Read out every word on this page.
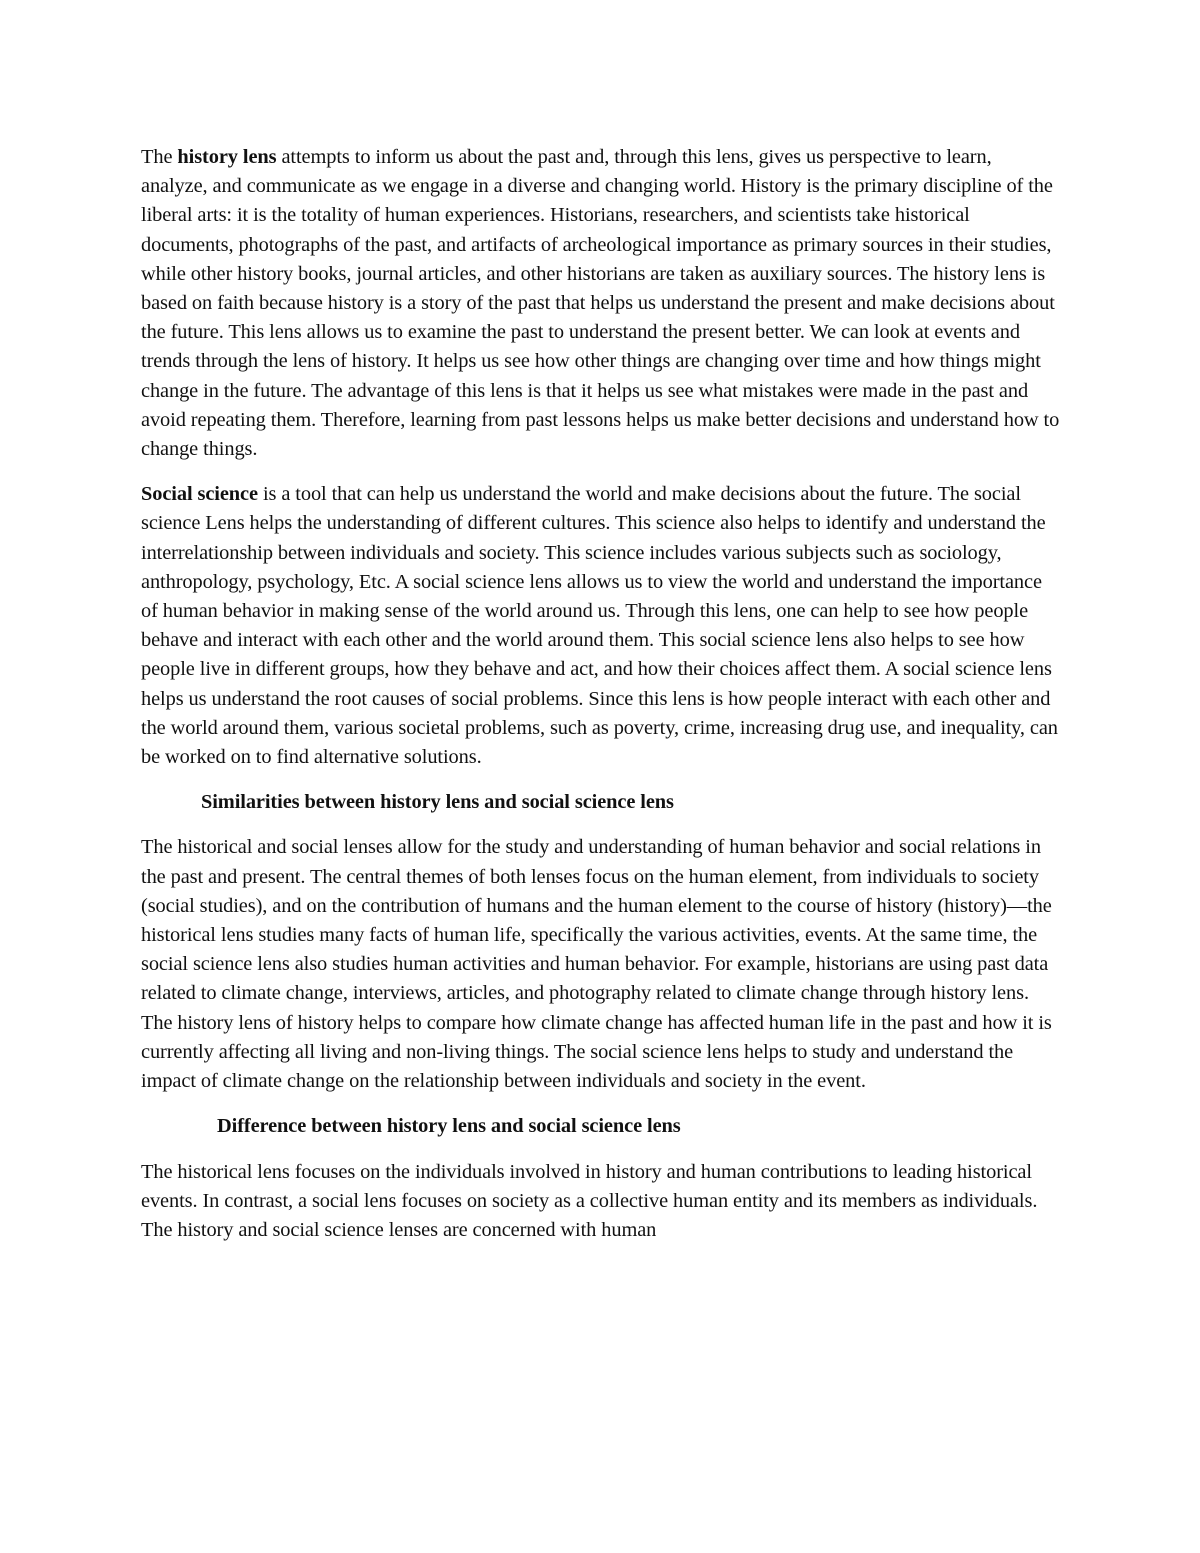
The history lens attempts to inform us about the past and, through this lens, gives us perspective to learn, analyze, and communicate as we engage in a diverse and changing world. History is the primary discipline of the liberal arts: it is the totality of human experiences. Historians, researchers, and scientists take historical documents, photographs of the past, and artifacts of archeological importance as primary sources in their studies, while other history books, journal articles, and other historians are taken as auxiliary sources. The history lens is based on faith because history is a story of the past that helps us understand the present and make decisions about the future. This lens allows us to examine the past to understand the present better. We can look at events and trends through the lens of history. It helps us see how other things are changing over time and how things might change in the future. The advantage of this lens is that it helps us see what mistakes were made in the past and avoid repeating them. Therefore, learning from past lessons helps us make better decisions and understand how to change things.

Social science is a tool that can help us understand the world and make decisions about the future. The social science Lens helps the understanding of different cultures. This science also helps to identify and understand the interrelationship between individuals and society. This science includes various subjects such as sociology, anthropology, psychology, Etc. A social science lens allows us to view the world and understand the importance of human behavior in making sense of the world around us. Through this lens, one can help to see how people behave and interact with each other and the world around them. This social science lens also helps to see how people live in different groups, how they behave and act, and how their choices affect them. A social science lens helps us understand the root causes of social problems. Since this lens is how people interact with each other and the world around them, various societal problems, such as poverty, crime, increasing drug use, and inequality, can be worked on to find alternative solutions.

Similarities between history lens and social science lens

The historical and social lenses allow for the study and understanding of human behavior and social relations in the past and present. The central themes of both lenses focus on the human element, from individuals to society (social studies), and on the contribution of humans and the human element to the course of history (history)—the historical lens studies many facts of human life, specifically the various activities, events. At the same time, the social science lens also studies human activities and human behavior. For example, historians are using past data related to climate change, interviews, articles, and photography related to climate change through history lens. The history lens of history helps to compare how climate change has affected human life in the past and how it is currently affecting all living and non-living things. The social science lens helps to study and understand the impact of climate change on the relationship between individuals and society in the event.

Difference between history lens and social science lens

The historical lens focuses on the individuals involved in history and human contributions to leading historical events. In contrast, a social lens focuses on society as a collective human entity and its members as individuals. The history and social science lenses are concerned with human
